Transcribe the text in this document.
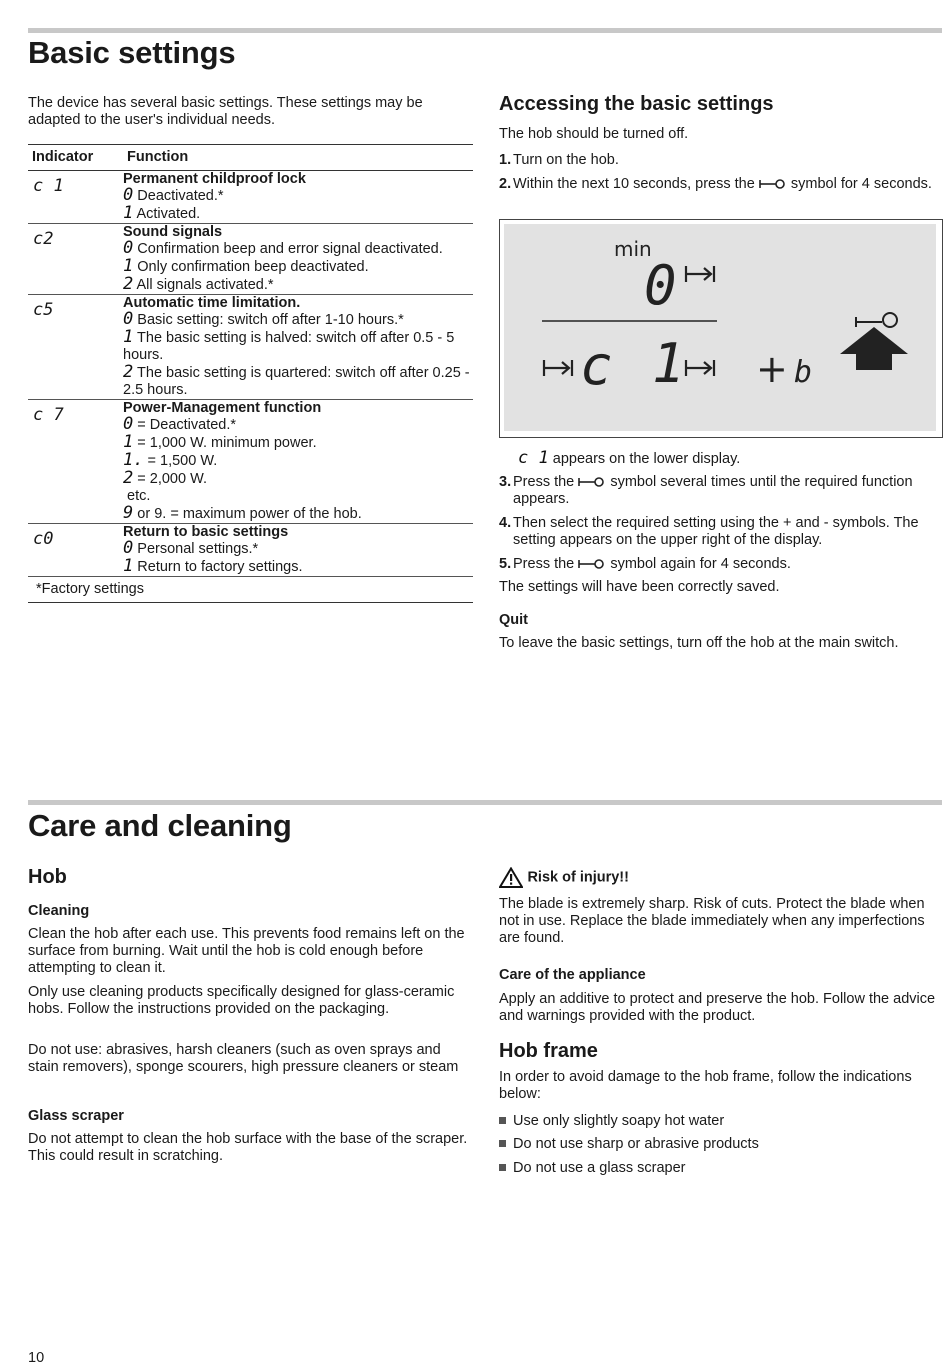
Basic settings

The device has several basic settings. These settings may be adapted to the user's individual needs.

Indicator	Function

c 1	Permanent childproof lock
	0 Deactivated.*
	1 Activated.

c2	Sound signals
	0 Confirmation beep and error signal deactivated.
	1 Only confirmation beep deactivated.
	2 All signals activated.*

c5	Automatic time limitation.
	0 Basic setting: switch off after 1-10 hours.*
	1 The basic setting is halved: switch off after 0.5 - 5 hours.
	2 The basic setting is quartered: switch off after 0.25 - 2.5 hours.

c 7	Power-Management function
	0 = Deactivated.*
	1 = 1,000 W. minimum power.
	1. = 1,500 W.
	2 = 2,000 W.
	etc.
	9 or 9. = maximum power of the hob.

c0	Return to basic settings
	0 Personal settings.*
	1 Return to factory settings.
*Factory settings	
Accessing the basic settings

The hob should be turned off.

1. Turn on the hob.
2. Within the next 10 seconds, press the symbol for 4 seconds.
min
0
c 1 + b
c 1 appears on the lower display.
3. Press the symbol several times until the required function appears.
4. Then select the required setting using the + and - symbols. The setting appears on the upper right of the display.
5. Press the symbol again for 4 seconds.

The settings will have been correctly saved.

Quit

To leave the basic settings, turn off the hob at the main switch.

Care and cleaning
Hob
Cleaning

Clean the hob after each use. This prevents food remains left on the surface from burning. Wait until the hob is cold enough before attempting to clean it.

Only use cleaning products specifically designed for glass-ceramic hobs. Follow the instructions provided on the packaging.

Do not use: abrasives, harsh cleaners (such as oven sprays and stain removers), sponge scourers, high pressure cleaners or steam

Glass scraper

Do not attempt to clean the hob surface with the base of the scraper. This could result in scratching.

Risk of injury!!

The blade is extremely sharp. Risk of cuts. Protect the blade when not in use. Replace the blade immediately when any imperfections are found.

Care of the appliance

Apply an additive to protect and preserve the hob. Follow the advice and warnings provided with the product.

Hob frame

In order to avoid damage to the hob frame, follow the indications below:

Use only slightly soapy hot water
Do not use sharp or abrasive products
Do not use a glass scraper
10
